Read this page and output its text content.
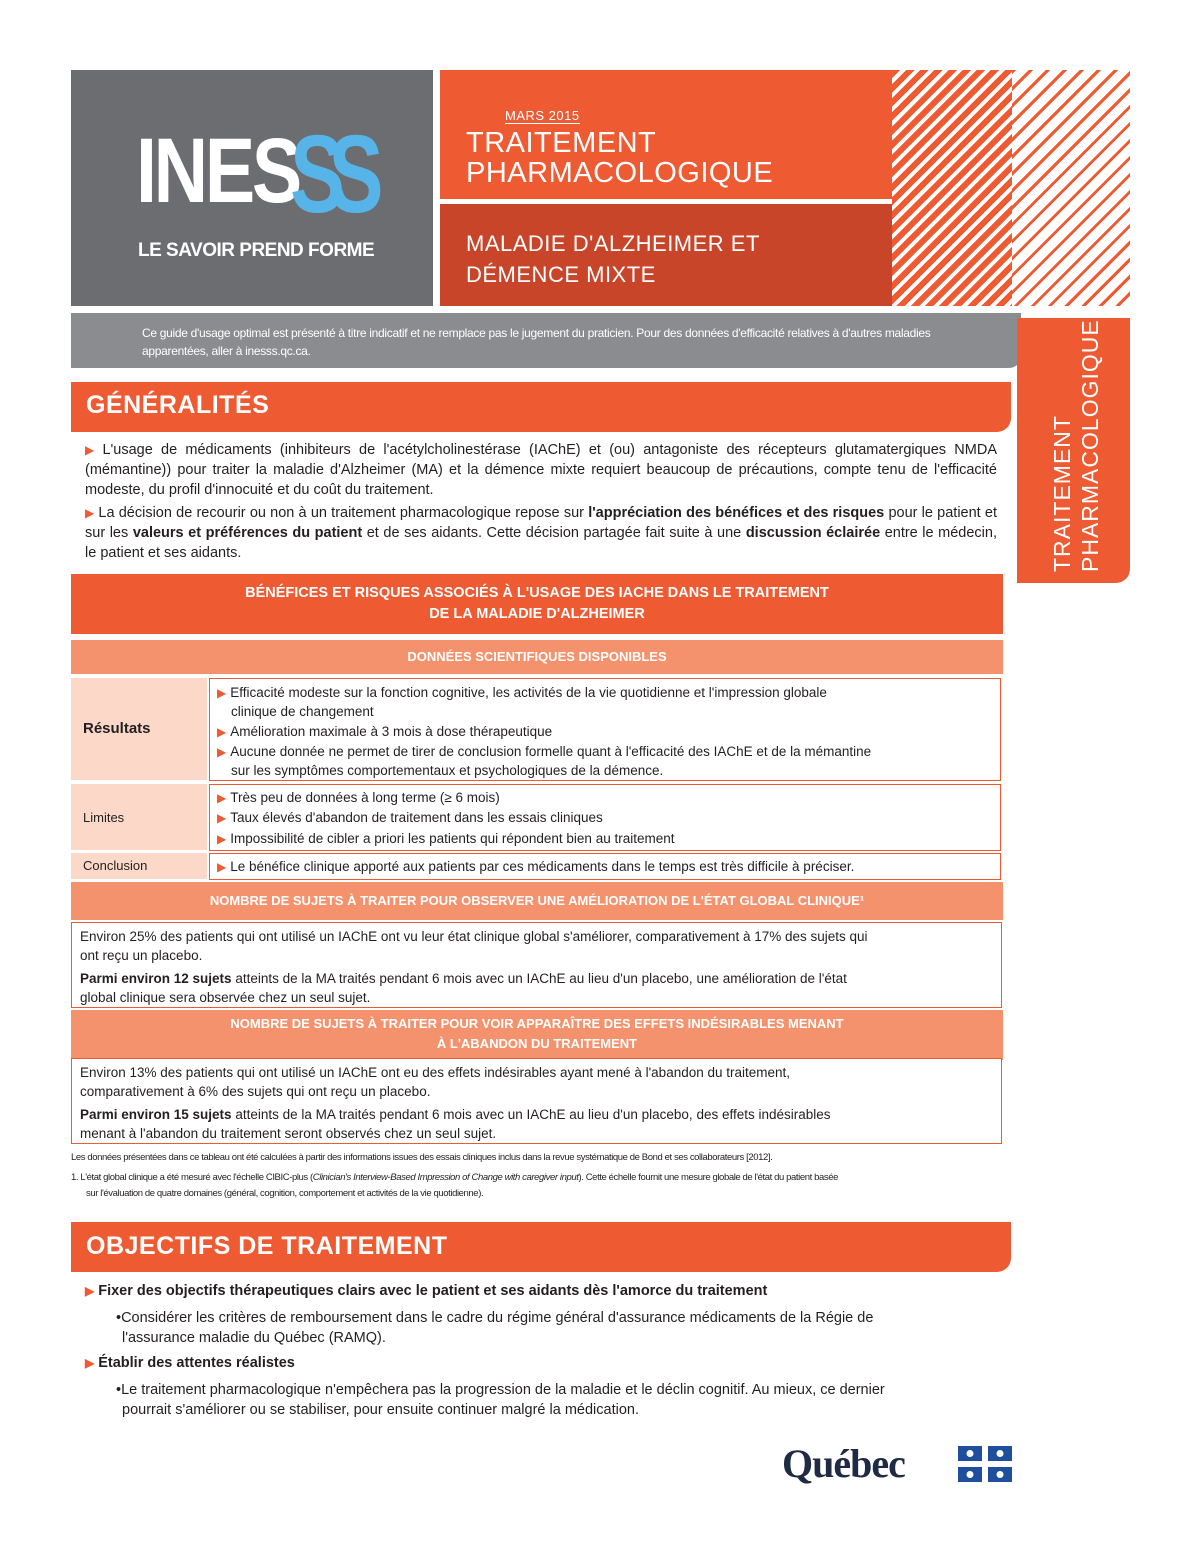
INES
SS
LE SAVOIR PREND FORME
MARS 2015
TRAITEMENT
PHARMACOLOGIQUE
MALADIE D'ALZHEIMER ET
DÉMENCE MIXTE
Ce guide d'usage optimal est présenté à titre indicatif et ne remplace pas le jugement du praticien. Pour des données d'efficacité relatives à d'autres maladies
apparentées, aller à inesss.qc.ca.
TRAITEMENT PHARMACOLOGIQUE
GÉNÉRALITÉS
▶ L'usage de médicaments (inhibiteurs de l'acétylcholinestérase (IAChE) et (ou) antagoniste des récepteurs glutamatergiques NMDA (mémantine)) pour traiter la maladie d'Alzheimer (MA) et la démence mixte requiert beaucoup de précautions, compte tenu de l'efficacité modeste, du profil d'innocuité et du coût du traitement.
▶ La décision de recourir ou non à un traitement pharmacologique repose sur l'appréciation des bénéfices et des risques pour le patient et sur les valeurs et préférences du patient et de ses aidants. Cette décision partagée fait suite à une discussion éclairée entre le médecin, le patient et ses aidants.
BÉNÉFICES ET RISQUES ASSOCIÉS À L'USAGE DES IACHE DANS LE TRAITEMENT
DE LA MALADIE D'ALZHEIMER
DONNÉES SCIENTIFIQUES DISPONIBLES
Résultats
▶ Efficacité modeste sur la fonction cognitive, les activités de la vie quotidienne et l'impression globale
clinique de changement
▶ Amélioration maximale à 3 mois à dose thérapeutique
▶ Aucune donnée ne permet de tirer de conclusion formelle quant à l'efficacité des IAChE et de la mémantine
sur les symptômes comportementaux et psychologiques de la démence.
Limites
▶ Très peu de données à long terme (≥ 6 mois)
▶ Taux élevés d'abandon de traitement dans les essais cliniques
▶ Impossibilité de cibler a priori les patients qui répondent bien au traitement
Conclusion	▶ Le bénéfice clinique apporté aux patients par ces médicaments dans le temps est très difficile à préciser.
NOMBRE DE SUJETS À TRAITER POUR OBSERVER UNE AMÉLIORATION DE L'ÉTAT GLOBAL CLINIQUE¹
Environ 25% des patients qui ont utilisé un IAChE ont vu leur état clinique global s'améliorer, comparativement à 17% des sujets qui
ont reçu un placebo.
Parmi environ 12 sujets atteints de la MA traités pendant 6 mois avec un IAChE au lieu d'un placebo, une amélioration de l'état
global clinique sera observée chez un seul sujet.
NOMBRE DE SUJETS À TRAITER POUR VOIR APPARAÎTRE DES EFFETS INDÉSIRABLES MENANT
À L'ABANDON DU TRAITEMENT
Environ 13% des patients qui ont utilisé un IAChE ont eu des effets indésirables ayant mené à l'abandon du traitement,
comparativement à 6% des sujets qui ont reçu un placebo.
Parmi environ 15 sujets atteints de la MA traités pendant 6 mois avec un IAChE au lieu d'un placebo, des effets indésirables
menant à l'abandon du traitement seront observés chez un seul sujet.
Les données présentées dans ce tableau ont été calculées à partir des informations issues des essais cliniques inclus dans la revue systématique de Bond et ses collaborateurs [2012].
1. L'état global clinique a été mesuré avec l'échelle CIBIC-plus (Clinician's Interview-Based Impression of Change with caregiver input). Cette échelle fournit une mesure globale de l'état du patient basée
sur l'évaluation de quatre domaines (général, cognition, comportement et activités de la vie quotidienne).
OBJECTIFS DE TRAITEMENT
▶ Fixer des objectifs thérapeutiques clairs avec le patient et ses aidants dès l'amorce du traitement
•Considérer les critères de remboursement dans le cadre du régime général d'assurance médicaments de la Régie de
l'assurance maladie du Québec (RAMQ).
▶ Établir des attentes réalistes
•Le traitement pharmacologique n'empêchera pas la progression de la maladie et le déclin cognitif. Au mieux, ce dernier
pourrait s'améliorer ou se stabiliser, pour ensuite continuer malgré la médication.
Québec
